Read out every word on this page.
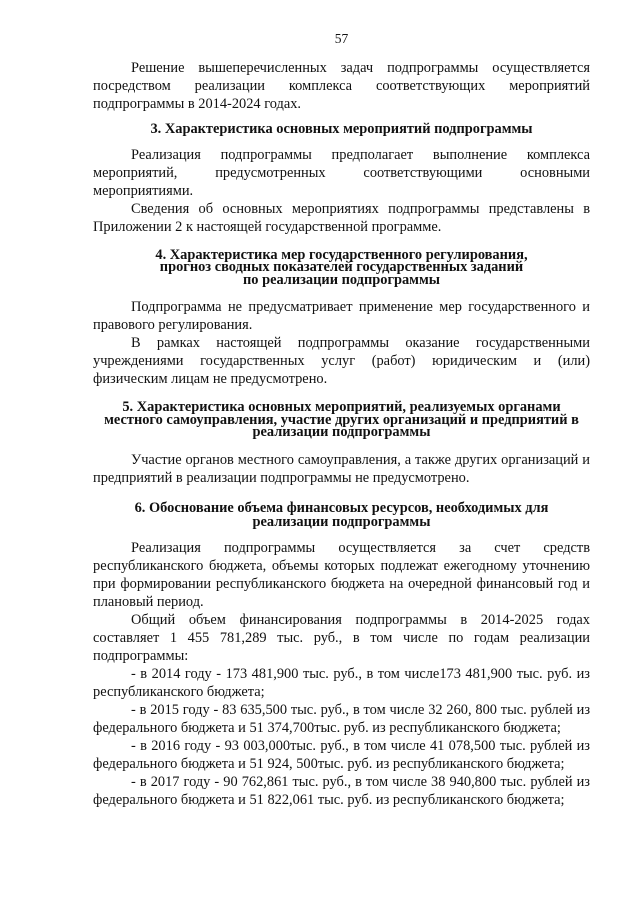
57

Решение вышеперечисленных задач подпрограммы осуществляется посредством реализации комплекса соответствующих мероприятий подпрограммы в 2014-2024 годах.

3. Характеристика основных мероприятий подпрограммы

Реализация подпрограммы предполагает выполнение комплекса мероприятий, предусмотренных соответствующими основными мероприятиями.

Сведения об основных мероприятиях подпрограммы представлены в Приложении 2 к настоящей государственной программе.

4. Характеристика мер государственного регулирования,
прогноз сводных показателей государственных заданий
по реализации подпрограммы

Подпрограмма не предусматривает применение мер государственного и правового регулирования.

В рамках настоящей подпрограммы оказание государственными учреждениями государственных услуг (работ) юридическим и (или) физическим лицам не предусмотрено.

5. Характеристика основных мероприятий, реализуемых органами
местного самоуправления, участие других организаций и предприятий в
реализации подпрограммы

Участие органов местного самоуправления, а также других организаций и предприятий в реализации подпрограммы не предусмотрено.

6. Обоснование объема финансовых ресурсов, необходимых для
реализации подпрограммы

Реализация подпрограммы осуществляется за счет средств республиканского бюджета, объемы которых подлежат ежегодному уточнению при формировании республиканского бюджета на очередной финансовый год и плановый период.

Общий объем финансирования подпрограммы в 2014-2025 годах составляет 1 455 781,289 тыс. руб., в том числе по годам реализации подпрограммы:

- в 2014 году - 173 481,900 тыс. руб., в том числе173 481,900 тыс. руб. из республиканского бюджета;

- в 2015 году - 83 635,500 тыс. руб., в том числе 32 260, 800 тыс. рублей из федерального бюджета и 51 374,700тыс. руб. из республиканского бюджета;

- в 2016 году - 93 003,000тыс. руб., в том числе 41 078,500 тыс. рублей из федерального бюджета и 51 924, 500тыс. руб. из республиканского бюджета;

- в 2017 году - 90 762,861 тыс. руб., в том числе 38 940,800 тыс. рублей из федерального бюджета и 51 822,061 тыс. руб. из республиканского бюджета;
